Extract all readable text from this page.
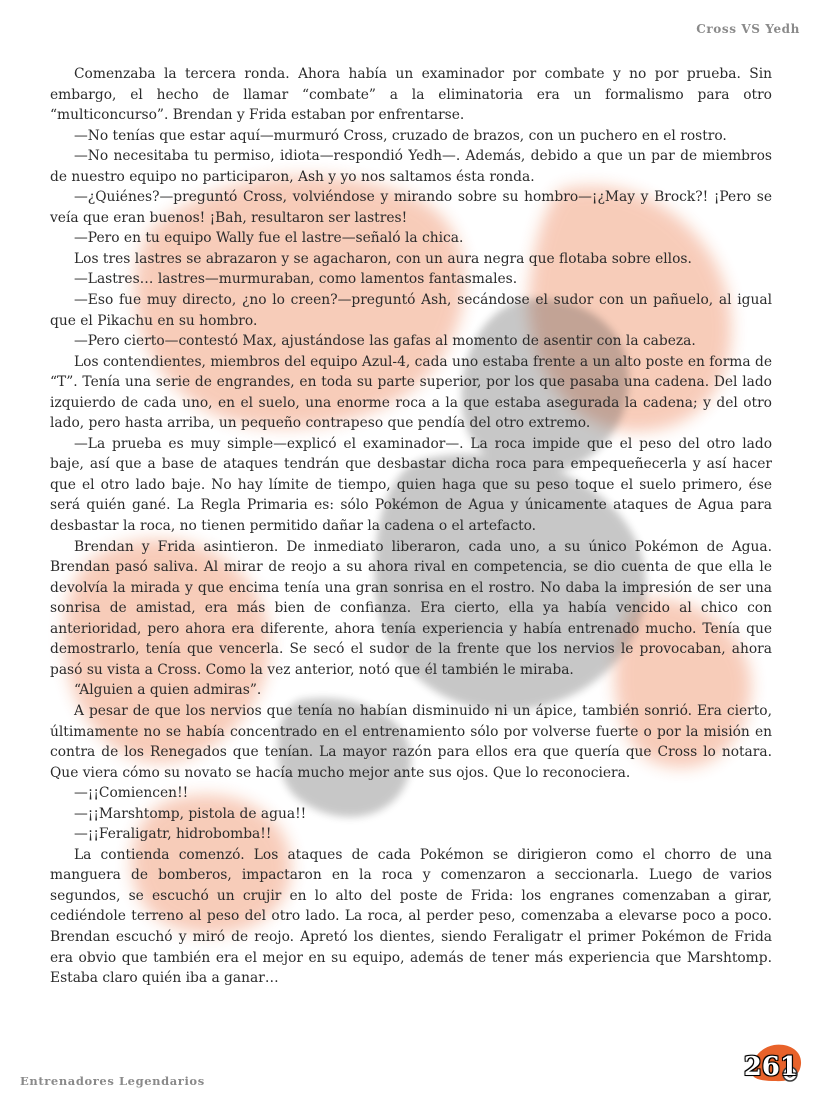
Cross VS Yedh

Comenzaba la tercera ronda. Ahora había un examinador por combate y no por prueba. Sin embargo, el hecho de llamar “combate” a la eliminatoria era un formalismo para otro “multiconcurso”. Brendan y Frida estaban por enfrentarse.

—No tenías que estar aquí—murmuró Cross, cruzado de brazos, con un puchero en el rostro.

—No necesitaba tu permiso, idiota—respondió Yedh—. Además, debido a que un par de miembros de nuestro equipo no participaron, Ash y yo nos saltamos ésta ronda.

—¿Quiénes?—preguntó Cross, volviéndose y mirando sobre su hombro—¡¿May y Brock?! ¡Pero se veía que eran buenos! ¡Bah, resultaron ser lastres!

—Pero en tu equipo Wally fue el lastre—señaló la chica.

Los tres lastres se abrazaron y se agacharon, con un aura negra que flotaba sobre ellos.

—Lastres… lastres—murmuraban, como lamentos fantasmales.

—Eso fue muy directo, ¿no lo creen?—preguntó Ash, secándose el sudor con un pañuelo, al igual que el Pikachu en su hombro.

—Pero cierto—contestó Max, ajustándose las gafas al momento de asentir con la cabeza.

Los contendientes, miembros del equipo Azul-4, cada uno estaba frente a un alto poste en forma de “T”. Tenía una serie de engrandes, en toda su parte superior, por los que pasaba una cadena. Del lado izquierdo de cada uno, en el suelo, una enorme roca a la que estaba asegurada la cadena; y del otro lado, pero hasta arriba, un pequeño contrapeso que pendía del otro extremo.

—La prueba es muy simple—explicó el examinador—. La roca impide que el peso del otro lado baje, así que a base de ataques tendrán que desbastar dicha roca para empequeñecerla y así hacer que el otro lado baje. No hay límite de tiempo, quien haga que su peso toque el suelo primero, ése será quién gané. La Regla Primaria es: sólo Pokémon de Agua y únicamente ataques de Agua para desbastar la roca, no tienen permitido dañar la cadena o el artefacto.

Brendan y Frida asintieron. De inmediato liberaron, cada uno, a su único Pokémon de Agua. Brendan pasó saliva. Al mirar de reojo a su ahora rival en competencia, se dio cuenta de que ella le devolvía la mirada y que encima tenía una gran sonrisa en el rostro. No daba la impresión de ser una sonrisa de amistad, era más bien de confianza. Era cierto, ella ya había vencido al chico con anterioridad, pero ahora era diferente, ahora tenía experiencia y había entrenado mucho. Tenía que demostrarlo, tenía que vencerla. Se secó el sudor de la frente que los nervios le provocaban, ahora pasó su vista a Cross. Como la vez anterior, notó que él también le miraba.

“Alguien a quien admiras”.

A pesar de que los nervios que tenía no habían disminuido ni un ápice, también sonrió. Era cierto, últimamente no se había concentrado en el entrenamiento sólo por volverse fuerte o por la misión en contra de los Renegados que tenían. La mayor razón para ellos era que quería que Cross lo notara. Que viera cómo su novato se hacía mucho mejor ante sus ojos. Que lo reconociera.

—¡¡Comiencen!!

—¡¡Marshtomp, pistola de agua!!

—¡¡Feraligatr, hidrobomba!!

La contienda comenzó. Los ataques de cada Pokémon se dirigieron como el chorro de una manguera de bomberos, impactaron en la roca y comenzaron a seccionarla. Luego de varios segundos, se escuchó un crujir en lo alto del poste de Frida: los engranes comenzaban a girar, cediéndole terreno al peso del otro lado. La roca, al perder peso, comenzaba a elevarse poco a poco. Brendan escuchó y miró de reojo. Apretó los dientes, siendo Feraligatr el primer Pokémon de Frida era obvio que también era el mejor en su equipo, además de tener más experiencia que Marshtomp. Estaba claro quién iba a ganar…

Entrenadores Legendarios	261
